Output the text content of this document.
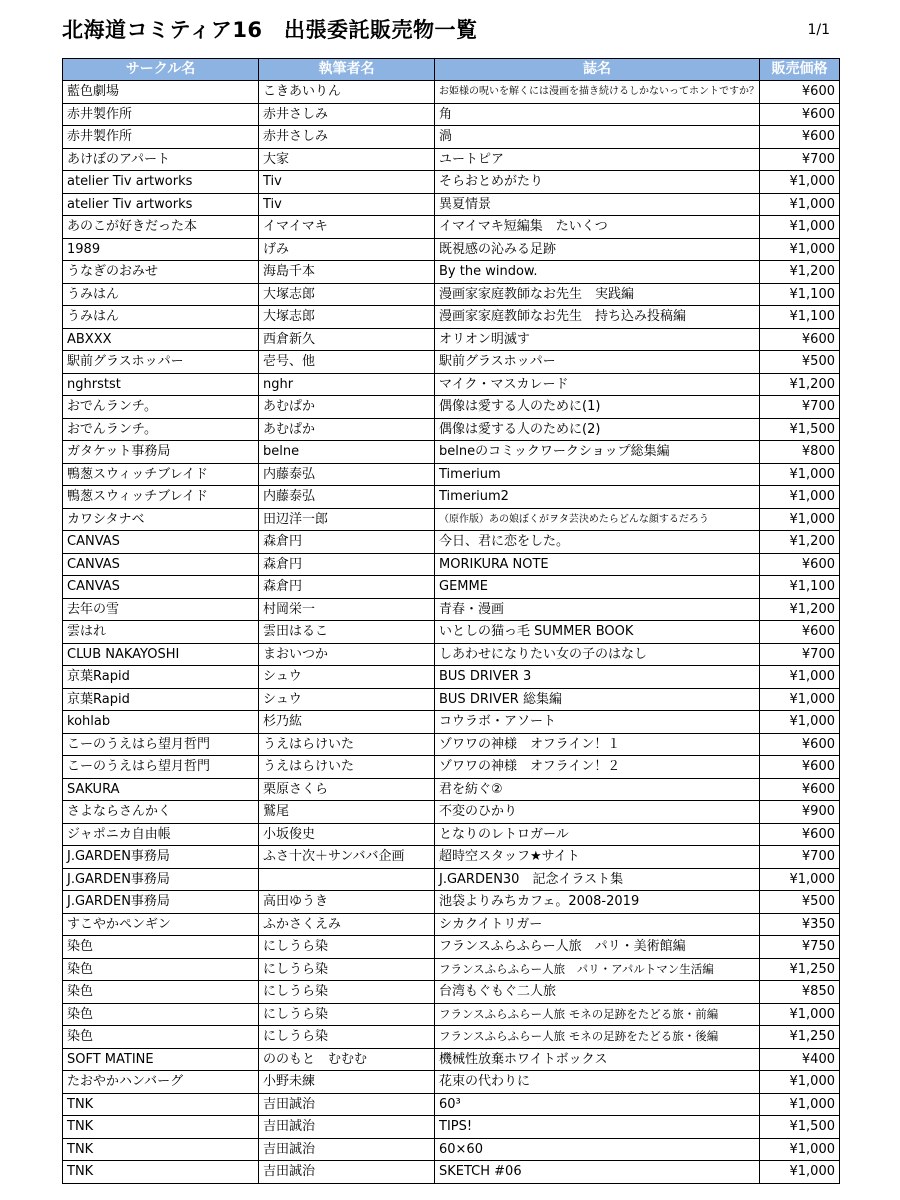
北海道コミティア16　出張委託販売物一覧	1/1
サークル名	執筆者名	誌名	販売価格
藍色劇場	こきあいりん	お姫様の呪いを解くには漫画を描き続けるしかないってホントですか？	¥600
赤井製作所	赤井さしみ	角	¥600
赤井製作所	赤井さしみ	渦	¥600
あけぼのアパート	大家	ユートピア	¥700
atelier Tiv artworks	Tiv	そらおとめがたり	¥1,000
atelier Tiv artworks	Tiv	異夏情景	¥1,000
あのこが好きだった本	イマイマキ	イマイマキ短編集　たいくつ	¥1,000
1989	げみ	既視感の沁みる足跡	¥1,000
うなぎのおみせ	海島千本	By the window.	¥1,200
うみはん	大塚志郎	漫画家家庭教師なお先生　実践編	¥1,100
うみはん	大塚志郎	漫画家家庭教師なお先生　持ち込み投稿編	¥1,100
ABXXX	西倉新久	オリオン明滅す	¥600
駅前グラスホッパー	壱号、他	駅前グラスホッパー	¥500
nghrstst	nghr	マイク・マスカレード	¥1,200
おでんランチ。	あむぱか	偶像は愛する人のために(1)	¥700
おでんランチ。	あむぱか	偶像は愛する人のために(2)	¥1,500
ガタケット事務局	belne	belneのコミックワークショップ総集編	¥800
鴨葱スウィッチブレイド	内藤泰弘	Timerium	¥1,000
鴨葱スウィッチブレイド	内藤泰弘	Timerium2	¥1,000
カワシタナベ	田辺洋一郎	（原作版）あの娘ぼくがヲタ芸決めたらどんな顔するだろう	¥1,000
CANVAS	森倉円	今日、君に恋をした。	¥1,200
CANVAS	森倉円	MORIKURA NOTE	¥600
CANVAS	森倉円	GEMME	¥1,100
去年の雪	村岡栄一	青春・漫画	¥1,200
雲はれ	雲田はるこ	いとしの猫っ毛 SUMMER BOOK	¥600
CLUB NAKAYOSHI	まおいつか	しあわせになりたい女の子のはなし	¥700
京葉Rapid	シュウ	BUS DRIVER 3	¥1,000
京葉Rapid	シュウ	BUS DRIVER 総集編	¥1,000
kohlab	杉乃紘	コウラボ・アソート	¥1,000
こーのうえはら望月哲門	うえはらけいた	ゾワワの神様　オフライン！１	¥600
こーのうえはら望月哲門	うえはらけいた	ゾワワの神様　オフライン！２	¥600
SAKURA	栗原さくら	君を紡ぐ②	¥600
さよならさんかく	鷲尾	不変のひかり	¥900
ジャポニカ自由帳	小坂俊史	となりのレトロガール	¥600
J.GARDEN事務局	ふさ十次＋サンババ企画	超時空スタッフ★サイト	¥700
J.GARDEN事務局		J.GARDEN30　記念イラスト集	¥1,000
J.GARDEN事務局	高田ゆうき	池袋よりみちカフェ。2008-2019	¥500
すこやかペンギン	ふかさくえみ	シカクイトリガー	¥350
染色	にしうら染	フランスふらふらー人旅　パリ・美術館編	¥750
染色	にしうら染	フランスふらふらー人旅　パリ・アパルトマン生活編	¥1,250
染色	にしうら染	台湾もぐもぐ二人旅	¥850
染色	にしうら染	フランスふらふらー人旅 モネの足跡をたどる旅・前編	¥1,000
染色	にしうら染	フランスふらふらー人旅 モネの足跡をたどる旅・後編	¥1,250
SOFT MATINE	ののもと　むむむ	機械性放棄ホワイトボックス	¥400
たおやかハンバーグ	小野未練	花束の代わりに	¥1,000
TNK	吉田誠治	60³	¥1,000
TNK	吉田誠治	TIPS!	¥1,500
TNK	吉田誠治	60×60	¥1,000
TNK	吉田誠治	SKETCH #06	¥1,000
